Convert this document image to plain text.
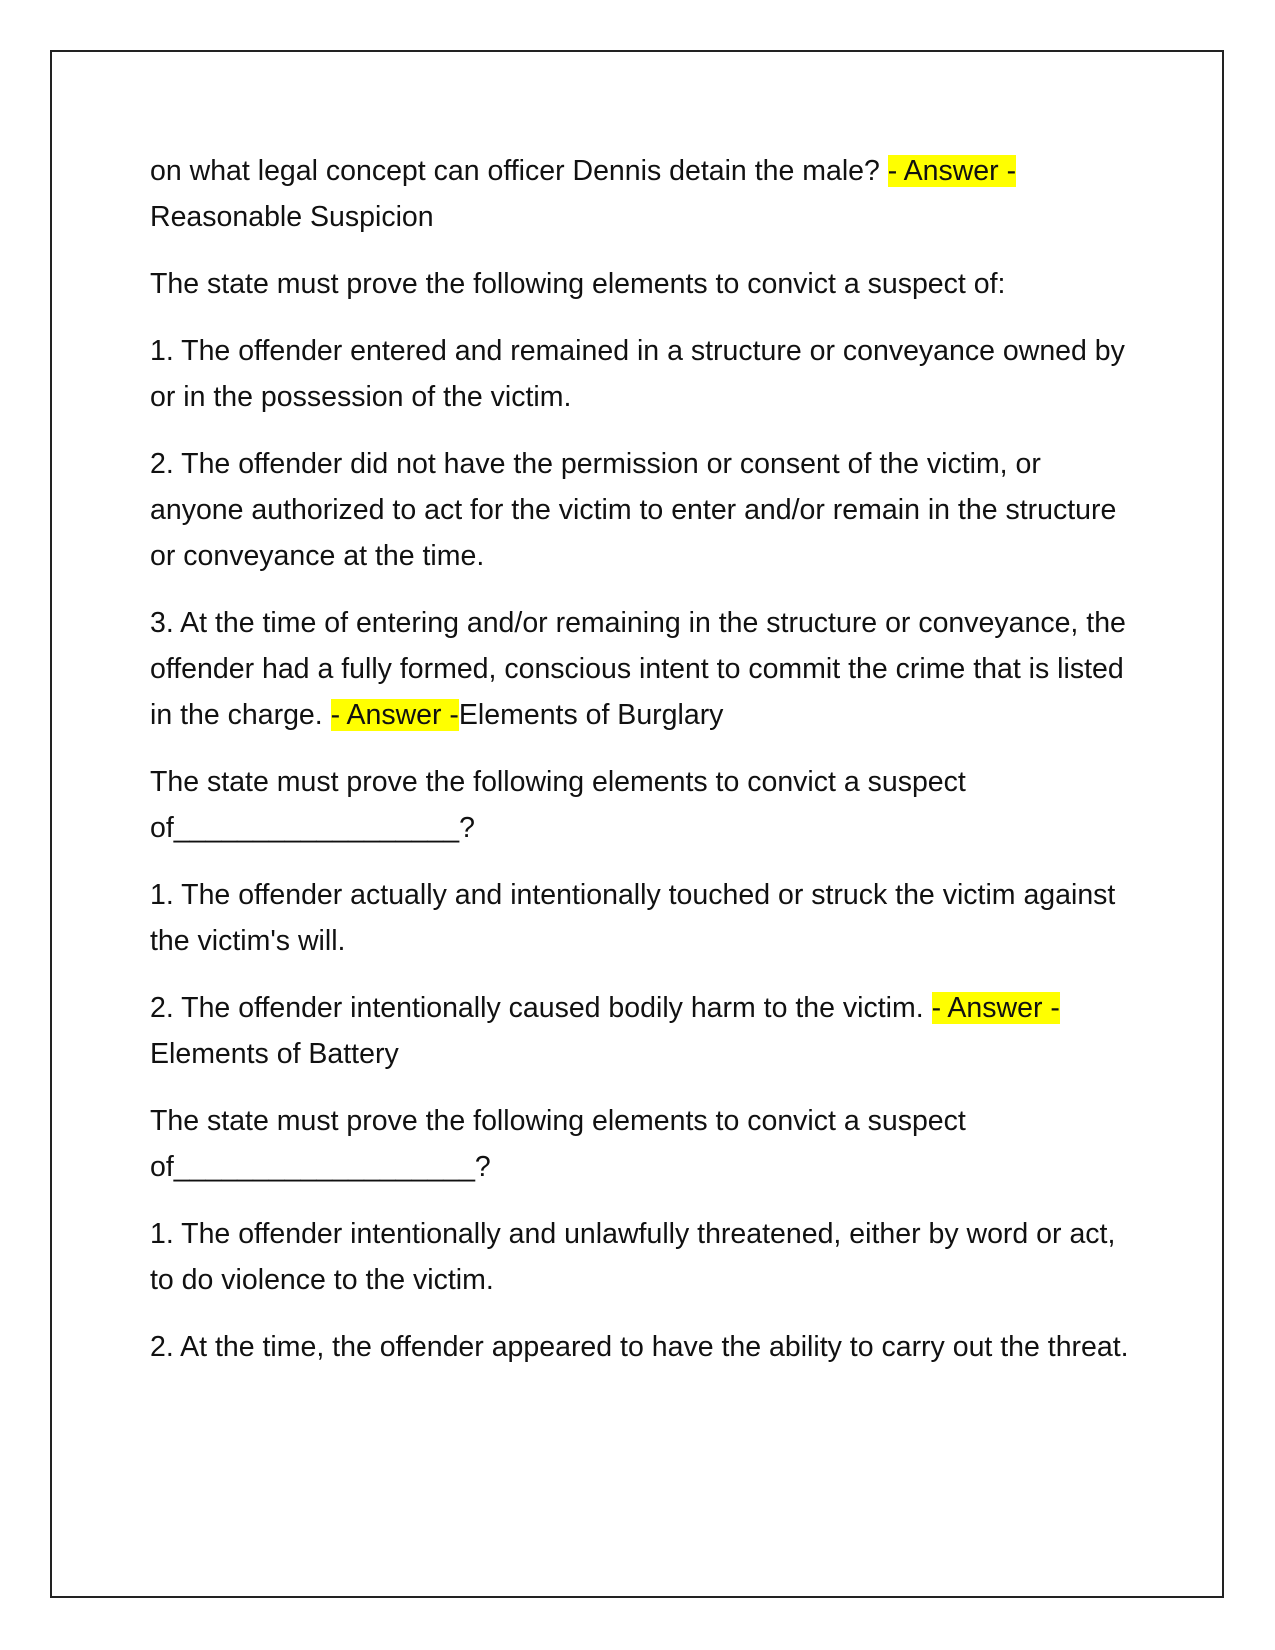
on what legal concept can officer Dennis detain the male? - Answer - Reasonable Suspicion

The state must prove the following elements to convict a suspect of:

1. The offender entered and remained in a structure or conveyance owned by or in the possession of the victim.

2. The offender did not have the permission or consent of the victim, or anyone authorized to act for the victim to enter and/or remain in the structure or conveyance at the time.

3. At the time of entering and/or remaining in the structure or conveyance, the offender had a fully formed, conscious intent to commit the crime that is listed in the charge. - Answer -Elements of Burglary

The state must prove the following elements to convict a suspect of__________________?

1. The offender actually and intentionally touched or struck the victim against the victim's will.

2. The offender intentionally caused bodily harm to the victim. - Answer -Elements of Battery

The state must prove the following elements to convict a suspect of___________________?

1. The offender intentionally and unlawfully threatened, either by word or act, to do violence to the victim.

2. At the time, the offender appeared to have the ability to carry out the threat.
